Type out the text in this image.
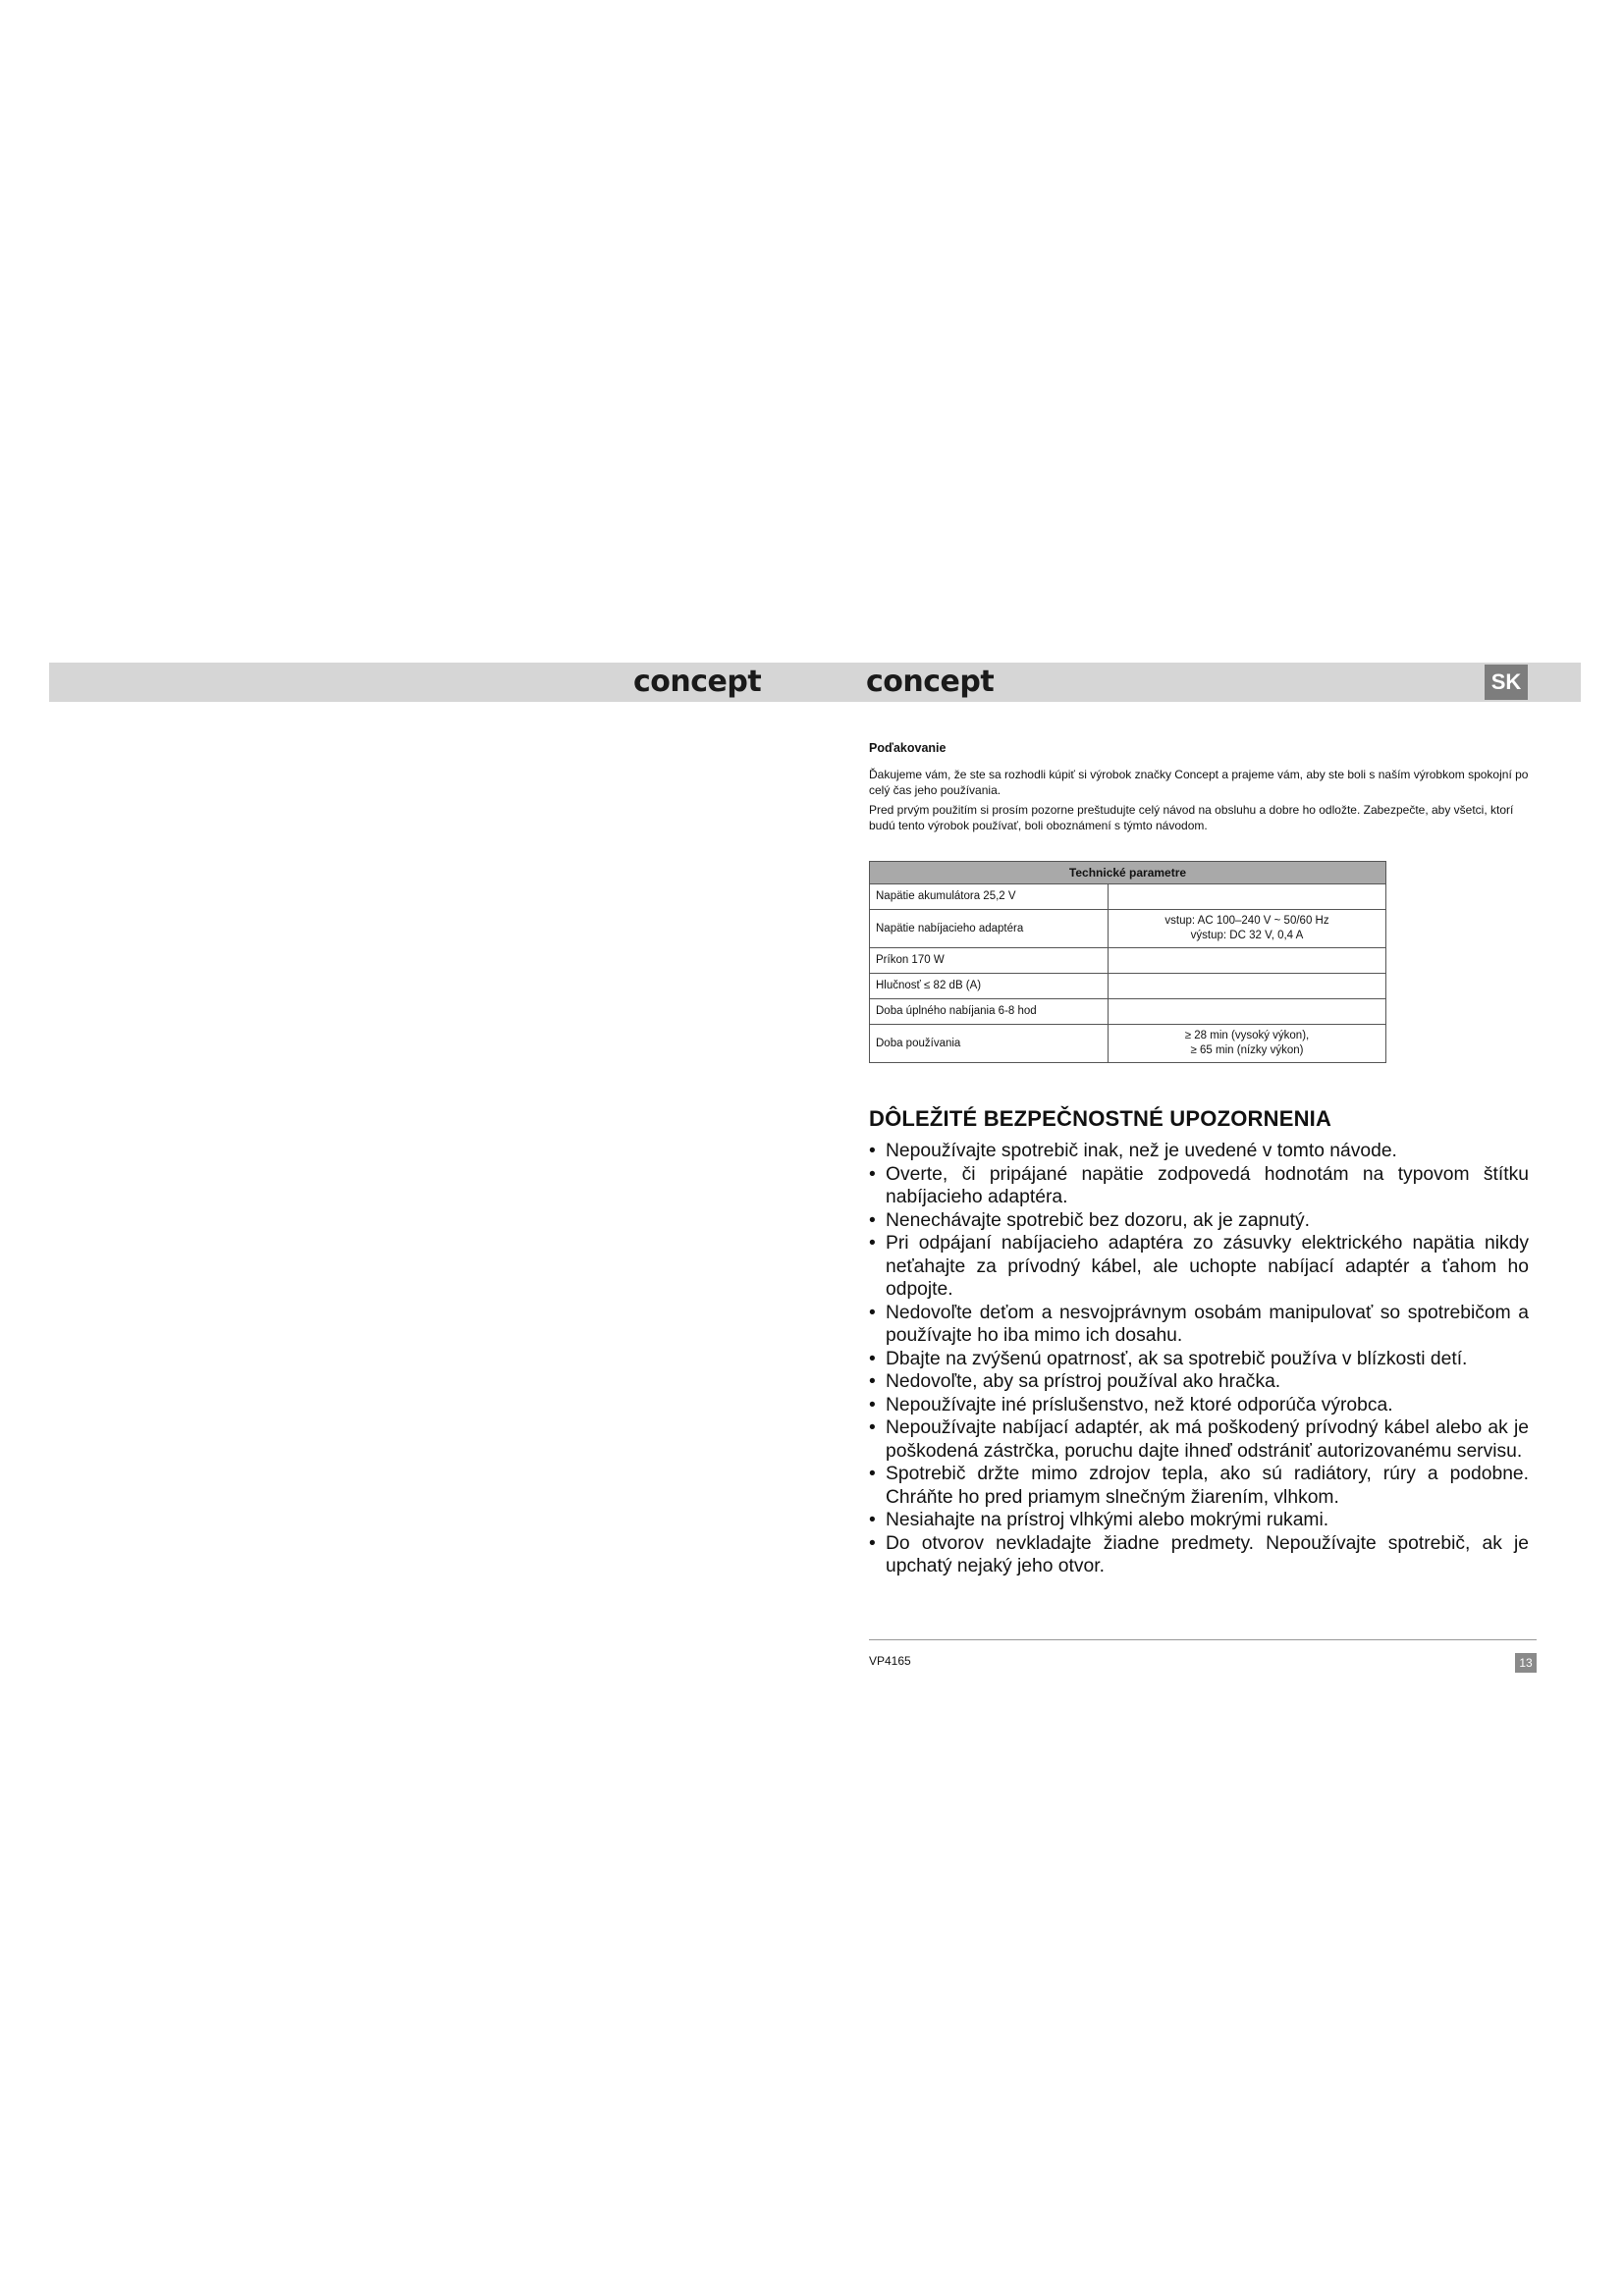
concept	concept	SK
Poďakovanie

Ďakujeme vám, že ste sa rozhodli kúpiť si výrobok značky Concept a prajeme vám, aby ste boli s naším výrobkom spokojní po celý čas jeho používania.

Pred prvým použitím si prosím pozorne preštudujte celý návod na obsluhu a dobre ho odložte. Zabezpečte, aby všetci, ktorí budú tento výrobok používať, boli oboznámení s týmto návodom.

Technické parametre	
Napätie akumulátora 25,2 V	
Napätie nabíjacieho adaptéra	vstup: AC 100–240 V ~ 50/60 Hz
výstup: DC 32 V, 0,4 A
Príkon 170 W	
Hlučnosť ≤ 82 dB (A)	
Doba úplného nabíjania 6-8 hod	
Doba používania	≥ 28 min (vysoký výkon),
≥ 65 min (nízky výkon)
DÔLEŽITÉ BEZPEČNOSTNÉ UPOZORNENIA
• Nepoužívajte spotrebič inak, než je uvedené v tomto návode.
• Overte, či pripájané napätie zodpovedá hodnotám na typovom štítku nabíjacieho adaptéra.
• Nenechávajte spotrebič bez dozoru, ak je zapnutý.
• Pri odpájaní nabíjacieho adaptéra zo zásuvky elektrického napätia nikdy neťahajte za prívodný kábel, ale uchopte nabíjací adaptér a ťahom ho odpojte.
• Nedovoľte deťom a nesvojprávnym osobám manipulovať so spotrebičom a používajte ho iba mimo ich dosahu.
• Dbajte na zvýšenú opatrnosť, ak sa spotrebič používa v blízkosti detí.
• Nedovoľte, aby sa prístroj používal ako hračka.
• Nepoužívajte iné príslušenstvo, než ktoré odporúča výrobca.
• Nepoužívajte nabíjací adaptér, ak má poškodený prívodný kábel alebo ak je poškodená zástrčka, poruchu dajte ihneď odstrániť autorizovanému servisu.
• Spotrebič držte mimo zdrojov tepla, ako sú radiátory, rúry a podobne. Chráňte ho pred priamym slnečným žiarením, vlhkom.
• Nesiahajte na prístroj vlhkými alebo mokrými rukami.
• Do otvorov nevkladajte žiadne predmety. Nepoužívajte spotrebič, ak je upchatý nejaký jeho otvor.
VP4165	13
